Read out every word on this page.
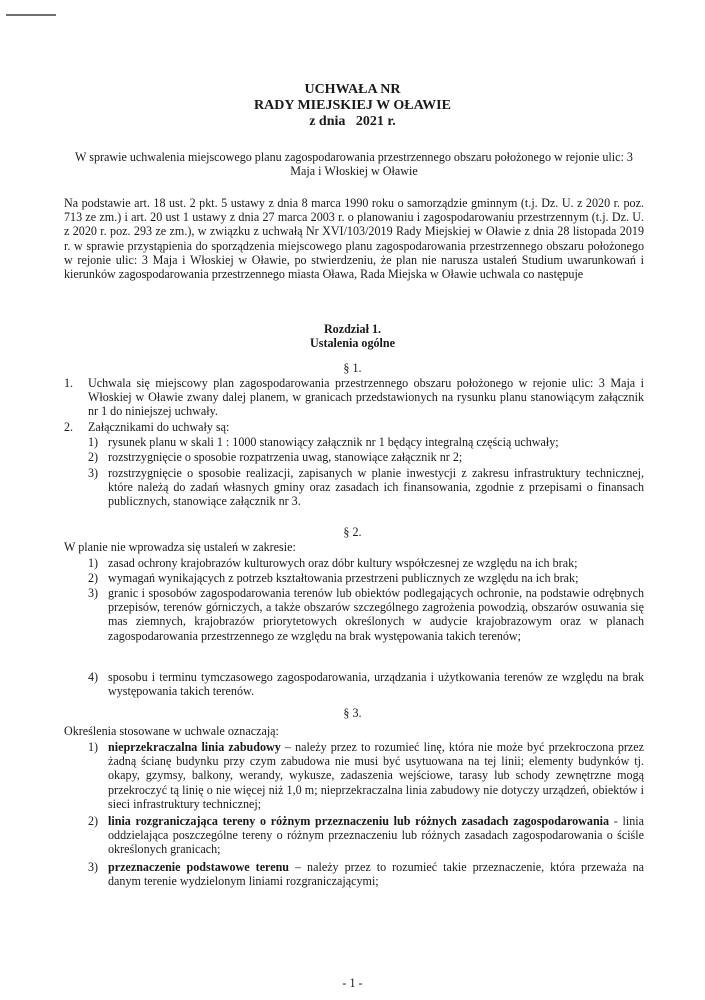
UCHWAŁA NR
RADY MIEJSKIEJ W OŁAWIE
z dnia   2021 r.
W sprawie uchwalenia miejscowego planu zagospodarowania przestrzennego obszaru położonego w rejonie ulic: 3 Maja i Włoskiej w Oławie
Na podstawie art. 18 ust. 2 pkt. 5 ustawy z dnia 8 marca 1990 roku o samorządzie gminnym (t.j. Dz. U. z 2020 r. poz. 713 ze zm.) i art. 20 ust 1 ustawy z dnia 27 marca 2003 r. o planowaniu i zagospodarowaniu przestrzennym (t.j. Dz. U. z 2020 r. poz. 293 ze zm.), w związku z uchwałą Nr XVI/103/2019 Rady Miejskiej w Oławie z dnia 28 listopada 2019 r. w sprawie przystąpienia do sporządzenia miejscowego planu zagospodarowania przestrzennego obszaru położonego w rejonie ulic: 3 Maja i Włoskiej w Oławie, po stwierdzeniu, że plan nie narusza ustaleń Studium uwarunkowań i kierunków zagospodarowania przestrzennego miasta Oława, Rada Miejska w Oławie uchwala co następuje
Rozdział 1.
Ustalenia ogólne
§ 1.
1. Uchwala się miejscowy plan zagospodarowania przestrzennego obszaru położonego w rejonie ulic: 3 Maja i Włoskiej w Oławie zwany dalej planem, w granicach przedstawionych na rysunku planu stanowiącym załącznik nr 1 do niniejszej uchwały.
2. Załącznikami do uchwały są:
1) rysunek planu w skali 1 : 1000 stanowiący załącznik nr 1 będący integralną częścią uchwały;
2) rozstrzygnięcie o sposobie rozpatrzenia uwag, stanowiące załącznik nr 2;
3) rozstrzygnięcie o sposobie realizacji, zapisanych w planie inwestycji z zakresu infrastruktury technicznej, które należą do zadań własnych gminy oraz zasadach ich finansowania, zgodnie z przepisami o finansach publicznych, stanowiące załącznik nr 3.
§ 2.
W planie nie wprowadza się ustaleń w zakresie:
1) zasad ochrony krajobrazów kulturowych oraz dóbr kultury współczesnej ze względu na ich brak;
2) wymagań wynikających z potrzeb kształtowania przestrzeni publicznych ze względu na ich brak;
3) granic i sposobów zagospodarowania terenów lub obiektów podlegających ochronie, na podstawie odrębnych przepisów, terenów górniczych, a także obszarów szczególnego zagrożenia powodzią, obszarów osuwania się mas ziemnych, krajobrazów priorytetowych określonych w audycie krajobrazowym oraz w planach zagospodarowania przestrzennego ze względu na brak występowania takich terenów;
4) sposobu i terminu tymczasowego zagospodarowania, urządzania i użytkowania terenów ze względu na brak występowania takich terenów.
§ 3.
Określenia stosowane w uchwale oznaczają:
1) nieprzekraczalna linia zabudowy – należy przez to rozumieć linę, która nie może być przekroczona przez żadną ścianę budynku przy czym zabudowa nie musi być usytuowana na tej linii; elementy budynków tj. okapy, gzymsy, balkony, werandy, wykusze, zadaszenia wejściowe, tarasy lub schody zewnętrzne mogą przekroczyć tą linię o nie więcej niż 1,0 m; nieprzekraczalna linia zabudowy nie dotyczy urządzeń, obiektów i sieci infrastruktury technicznej;
2) linia rozgraniczająca tereny o różnym przeznaczeniu lub różnych zasadach zagospodarowania - linia oddzielająca poszczególne tereny o różnym przeznaczeniu lub różnych zasadach zagospodarowania o ściśle określonych granicach;
3) przeznaczenie podstawowe terenu – należy przez to rozumieć takie przeznaczenie, która przeważa na danym terenie wydzielonym liniami rozgraniczającymi;
- 1 -
